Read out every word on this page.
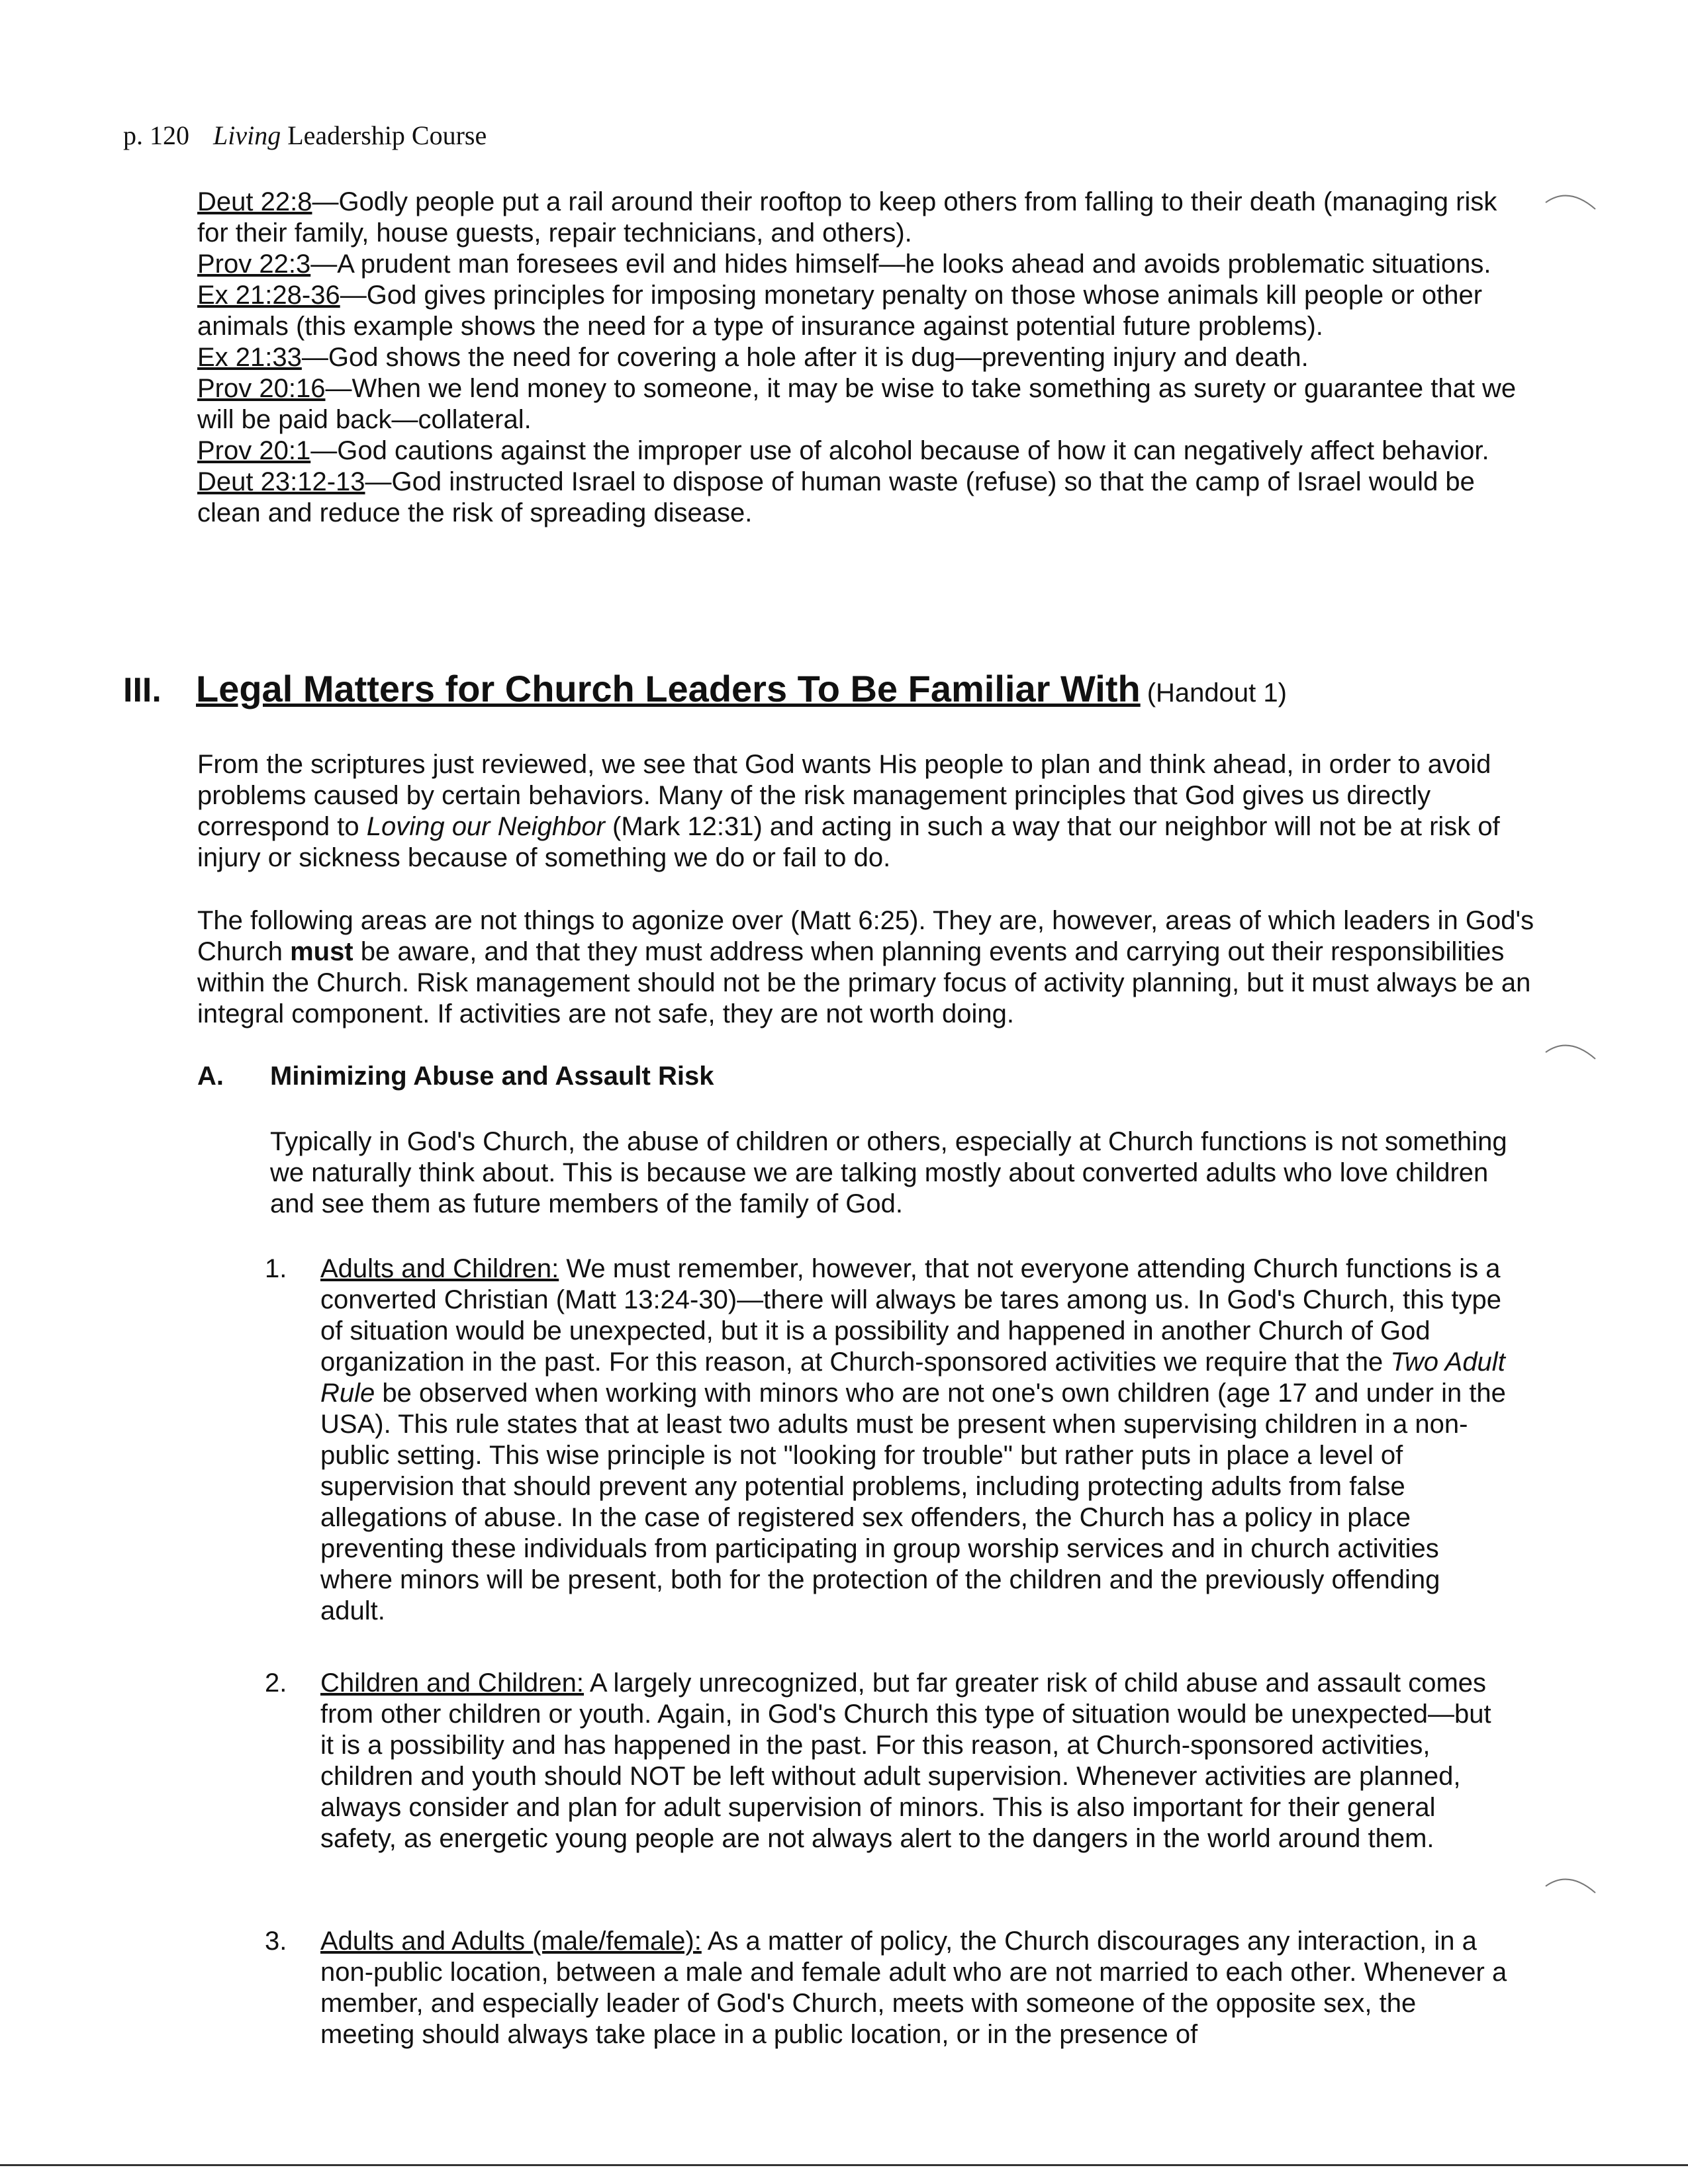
p. 120 Living Leadership Course

Deut 22:8—Godly people put a rail around their rooftop to keep others from falling to their death (managing risk for their family, house guests, repair technicians, and others).

Prov 22:3—A prudent man foresees evil and hides himself—he looks ahead and avoids problematic situations.

Ex 21:28-36—God gives principles for imposing monetary penalty on those whose animals kill people or other animals (this example shows the need for a type of insurance against potential future problems).

Ex 21:33—God shows the need for covering a hole after it is dug—preventing injury and death.

Prov 20:16—When we lend money to someone, it may be wise to take something as surety or guarantee that we will be paid back—collateral.

Prov 20:1—God cautions against the improper use of alcohol because of how it can negatively affect behavior.

Deut 23:12-13—God instructed Israel to dispose of human waste (refuse) so that the camp of Israel would be clean and reduce the risk of spreading disease.

III. Legal Matters for Church Leaders To Be Familiar With (Handout 1)

From the scriptures just reviewed, we see that God wants His people to plan and think ahead, in order to avoid problems caused by certain behaviors. Many of the risk management principles that God gives us directly correspond to Loving our Neighbor (Mark 12:31) and acting in such a way that our neighbor will not be at risk of injury or sickness because of something we do or fail to do.

The following areas are not things to agonize over (Matt 6:25). They are, however, areas of which leaders in God's Church must be aware, and that they must address when planning events and carrying out their responsibilities within the Church. Risk management should not be the primary focus of activity planning, but it must always be an integral component. If activities are not safe, they are not worth doing.

A. Minimizing Abuse and Assault Risk

Typically in God's Church, the abuse of children or others, especially at Church functions is not something we naturally think about. This is because we are talking mostly about converted adults who love children and see them as future members of the family of God.

1.	Adults and Children: We must remember, however, that not everyone attending Church functions is a converted Christian (Matt 13:24-30)—there will always be tares among us. In God's Church, this type of situation would be unexpected, but it is a possibility and happened in another Church of God organization in the past. For this reason, at Church-sponsored activities we require that the Two Adult Rule be observed when working with minors who are not one's own children (age 17 and under in the USA). This rule states that at least two adults must be present when supervising children in a non-public setting. This wise principle is not "looking for trouble" but rather puts in place a level of supervision that should prevent any potential problems, including protecting adults from false allegations of abuse. In the case of registered sex offenders, the Church has a policy in place preventing these individuals from participating in group worship services and in church activities where minors will be present, both for the protection of the children and the previously offending adult.
2.	Children and Children: A largely unrecognized, but far greater risk of child abuse and assault comes from other children or youth. Again, in God's Church this type of situation would be unexpected—but it is a possibility and has happened in the past. For this reason, at Church-sponsored activities, children and youth should NOT be left without adult supervision. Whenever activities are planned, always consider and plan for adult supervision of minors. This is also important for their general safety, as energetic young people are not always alert to the dangers in the world around them.
3.	Adults and Adults (male/female): As a matter of policy, the Church discourages any interaction, in a non-public location, between a male and female adult who are not married to each other. Whenever a member, and especially leader of God's Church, meets with someone of the opposite sex, the meeting should always take place in a public location, or in the presence of
